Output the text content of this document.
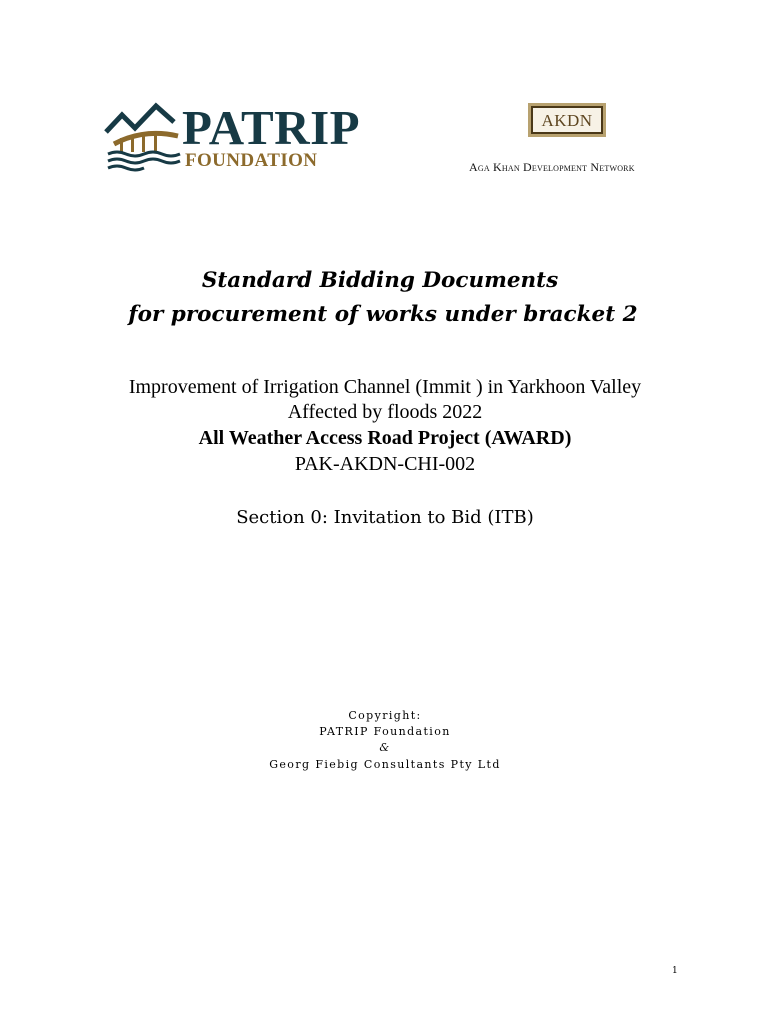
PATRIP
FOUNDATION
AKDN
Aga Khan Development Network
Standard Bidding Documents
for procurement of works under bracket 2
Improvement of Irrigation Channel (Immit ) in Yarkhoon Valley
Affected by floods 2022
All Weather Access Road Project (AWARD)
PAK-AKDN-CHI-002
Section 0: Invitation to Bid (ITB)
Copyright:
PATRIP Foundation
&
Georg Fiebig Consultants Pty Ltd
1
